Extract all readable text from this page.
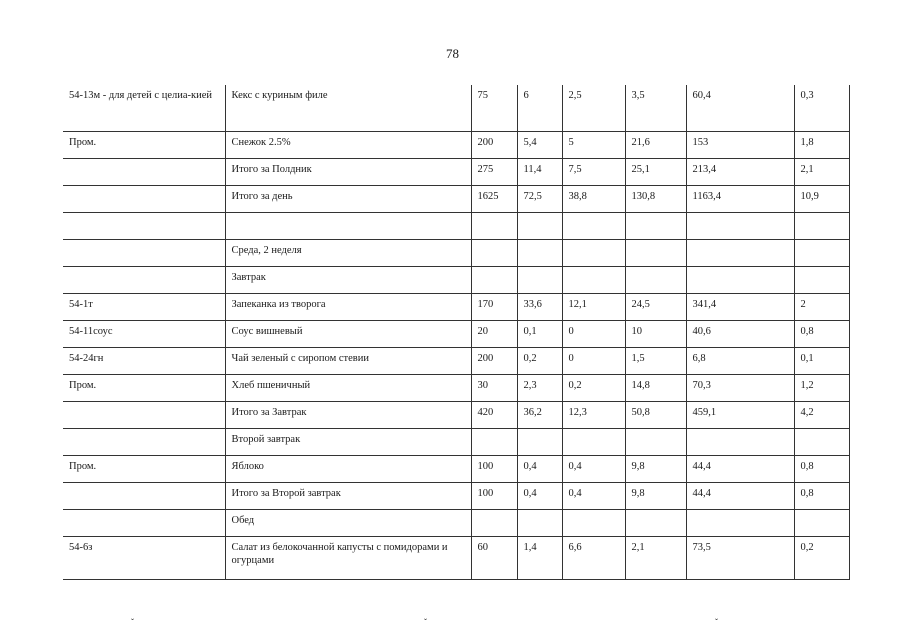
78
54-13м - для детей с целиа-кией	Кекс с куриным филе	75	6	2,5	3,5	60,4	0,3
Пром.	Снежок 2.5%	200	5,4	5	21,6	153	1,8
	Итого за Полдник	275	11,4	7,5	25,1	213,4	2,1
	Итого за день	1625	72,5	38,8	130,8	1163,4	10,9

	Среда, 2 неделя						
	Завтрак						
54-1т	Запеканка из творога	170	33,6	12,1	24,5	341,4	2
54-11соус	Соус вишневый	20	0,1	0	10	40,6	0,8
54-24гн	Чай зеленый с сиропом стевии	200	0,2	0	1,5	6,8	0,1
Пром.	Хлеб пшеничный	30	2,3	0,2	14,8	70,3	1,2
	Итого за Завтрак	420	36,2	12,3	50,8	459,1	4,2
	Второй завтрак						
Пром.	Яблоко	100	0,4	0,4	9,8	44,4	0,8
	Итого за Второй завтрак	100	0,4	0,4	9,8	44,4	0,8
	Обед						
54-6з	Салат из белокочанной капусты с помидорами и огурцами	60	1,4	6,6	2,1	73,5	0,2
ˇ	ˇ	ˇ
